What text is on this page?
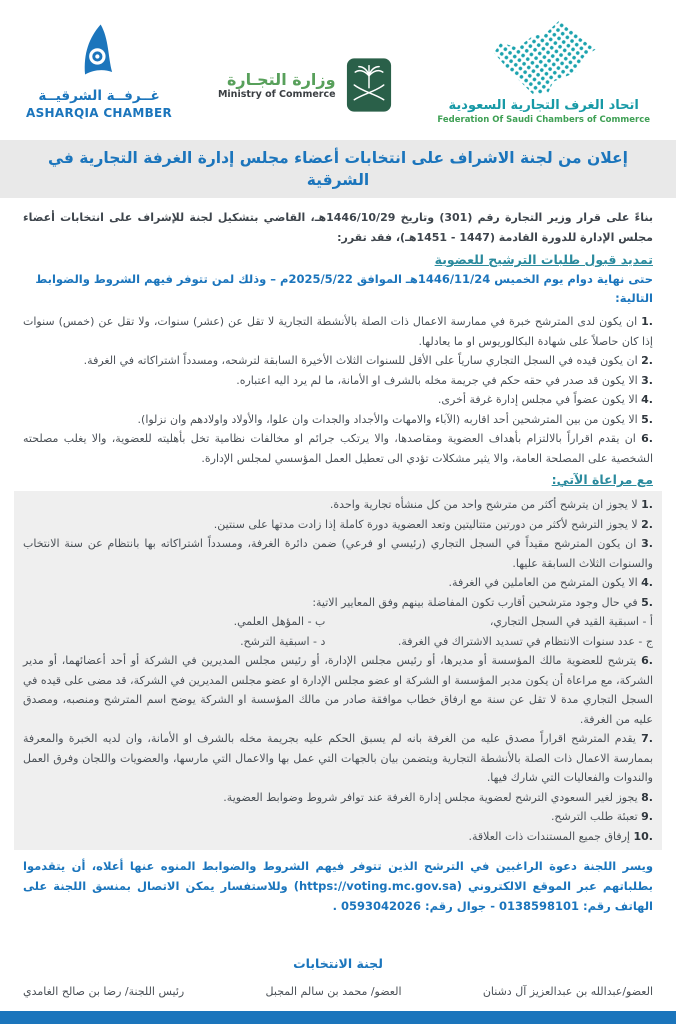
غــرفــة الشرقيــة
ASHARQIA CHAMBER
وزارة التجـارة
Ministry of Commerce
اتحاد الغرف التجارية السعودية
Federation Of Saudi Chambers of Commerce
إعلان من لجنة الاشراف على انتخابات أعضاء مجلس إدارة الغرفة التجارية في الشرقية

بناءً على قرار وزير التجارة رقم (301) وتاريخ 1446/10/29هـ، القاضي بتشكيل لجنة للإشراف على انتخابات أعضاء مجلس الإدارة للدورة القادمة (1447 - 1451هـ)، فقد تقرر:

تمديد قبول طلبات الترشيح للعضوية

حتى نهاية دوام يوم الخميس 1446/11/24هـ الموافق 2025/5/22م – وذلك لمن تتوفر فيهم الشروط والضوابط التالية:

1. ان يكون لدى المترشح خبرة في ممارسة الاعمال ذات الصلة بالأنشطة التجارية لا تقل عن (عشر) سنوات، ولا تقل عن (خمس) سنوات إذا كان حاصلاً على شهادة البكالوريوس او ما يعادلها.

2. ان يكون قيده في السجل التجاري سارياً على الأقل للسنوات الثلاث الأخيرة السابقة لترشحه، ومسدداً اشتراكاته في الغرفة.

3. الا يكون قد صدر في حقه حكم في جريمة مخله بالشرف او الأمانة، ما لم يرد اليه اعتباره.

4. الا يكون عضواً في مجلس إدارة غرفة أخرى.

5. الا يكون من بين المترشحين أحد اقاربه (الآباء والامهات والأجداد والجدات وان علوا، والأولاد واولادهم وان نزلوا).

6. ان يقدم اقراراً بالالتزام بأهداف العضوية ومقاصدها، والا يرتكب جرائم او مخالفات نظامية تخل بأهليته للعضوية، والا يغلب مصلحته الشخصية على المصلحة العامة، والا يثير مشكلات تؤدي الى تعطيل العمل المؤسسي لمجلس الإدارة.

مع مراعاة الآتي:

1. لا يجوز ان يترشح أكثر من مترشح واحد من كل منشأه تجارية واحدة.

2. لا يجوز الترشح لأكثر من دورتين متتاليتين وتعد العضوية دورة كاملة إذا زادت مدتها على سنتين.

3. ان يكون المترشح مقيداً في السجل التجاري (رئيسي او فرعي) ضمن دائرة الغرفة، ومسدداً اشتراكاته بها بانتظام عن سنة الانتخاب والسنوات الثلاث السابقة عليها.

4. الا يكون المترشح من العاملين في الغرفة.

5. في حال وجود مترشحين أقارب تكون المفاضلة بينهم وفق المعايير الاتية:

أ - اسبقية القيد في السجل التجاري،
ب - المؤهل العلمي.
ج - عدد سنوات الانتظام في تسديد الاشتراك في الغرفة.
د - اسبقية الترشح.

6. يترشح للعضوية مالك المؤسسة أو مديرها، أو رئيس مجلس الإدارة، أو رئيس مجلس المديرين في الشركة أو أحد أعضائهما، أو مدير الشركة، مع مراعاة أن يكون مدير المؤسسة او الشركة او عضو مجلس الإدارة او عضو مجلس المديرين في الشركة، قد مضى على قيده في السجل التجاري مدة لا تقل عن سنة مع ارفاق خطاب موافقة صادر من مالك المؤسسة او الشركة يوضح اسم المترشح ومنصبه، ومصدق عليه من الغرفة.

7. يقدم المترشح اقراراً مصدق عليه من الغرفة بانه لم يسبق الحكم عليه بجريمة مخله بالشرف او الأمانة، وان لديه الخبرة والمعرفة بممارسة الاعمال ذات الصلة بالأنشطة التجارية ويتضمن بيان بالجهات التي عمل بها والاعمال التي مارسها، والعضويات واللجان وفرق العمل والندوات والفعاليات التي شارك فيها.

8. يجوز لغير السعودي الترشح لعضوية مجلس إدارة الغرفة عند توافر شروط وضوابط العضوية.

9. تعبئة طلب الترشح.

10. إرفاق جميع المستندات ذات العلاقة.

ويسر اللجنة دعوة الراغبين في الترشح الذين تتوفر فيهم الشروط والضوابط المنوه عنها أعلاه، أن يتقدموا بطلباتهم عبر الموقع الالكتروني (https://voting.mc.gov.sa) وللاستفسار يمكن الاتصال بمنسق اللجنة على الهاتف رقم: 0138598101 - جوال رقم: 0593042026 .

لجنة الانتخابات
العضو/عبدالله بن عبدالعزيز آل دشنان
العضو/ محمد بن سالم المجبل
رئيس اللجنة/ رضا بن صالح الغامدي
